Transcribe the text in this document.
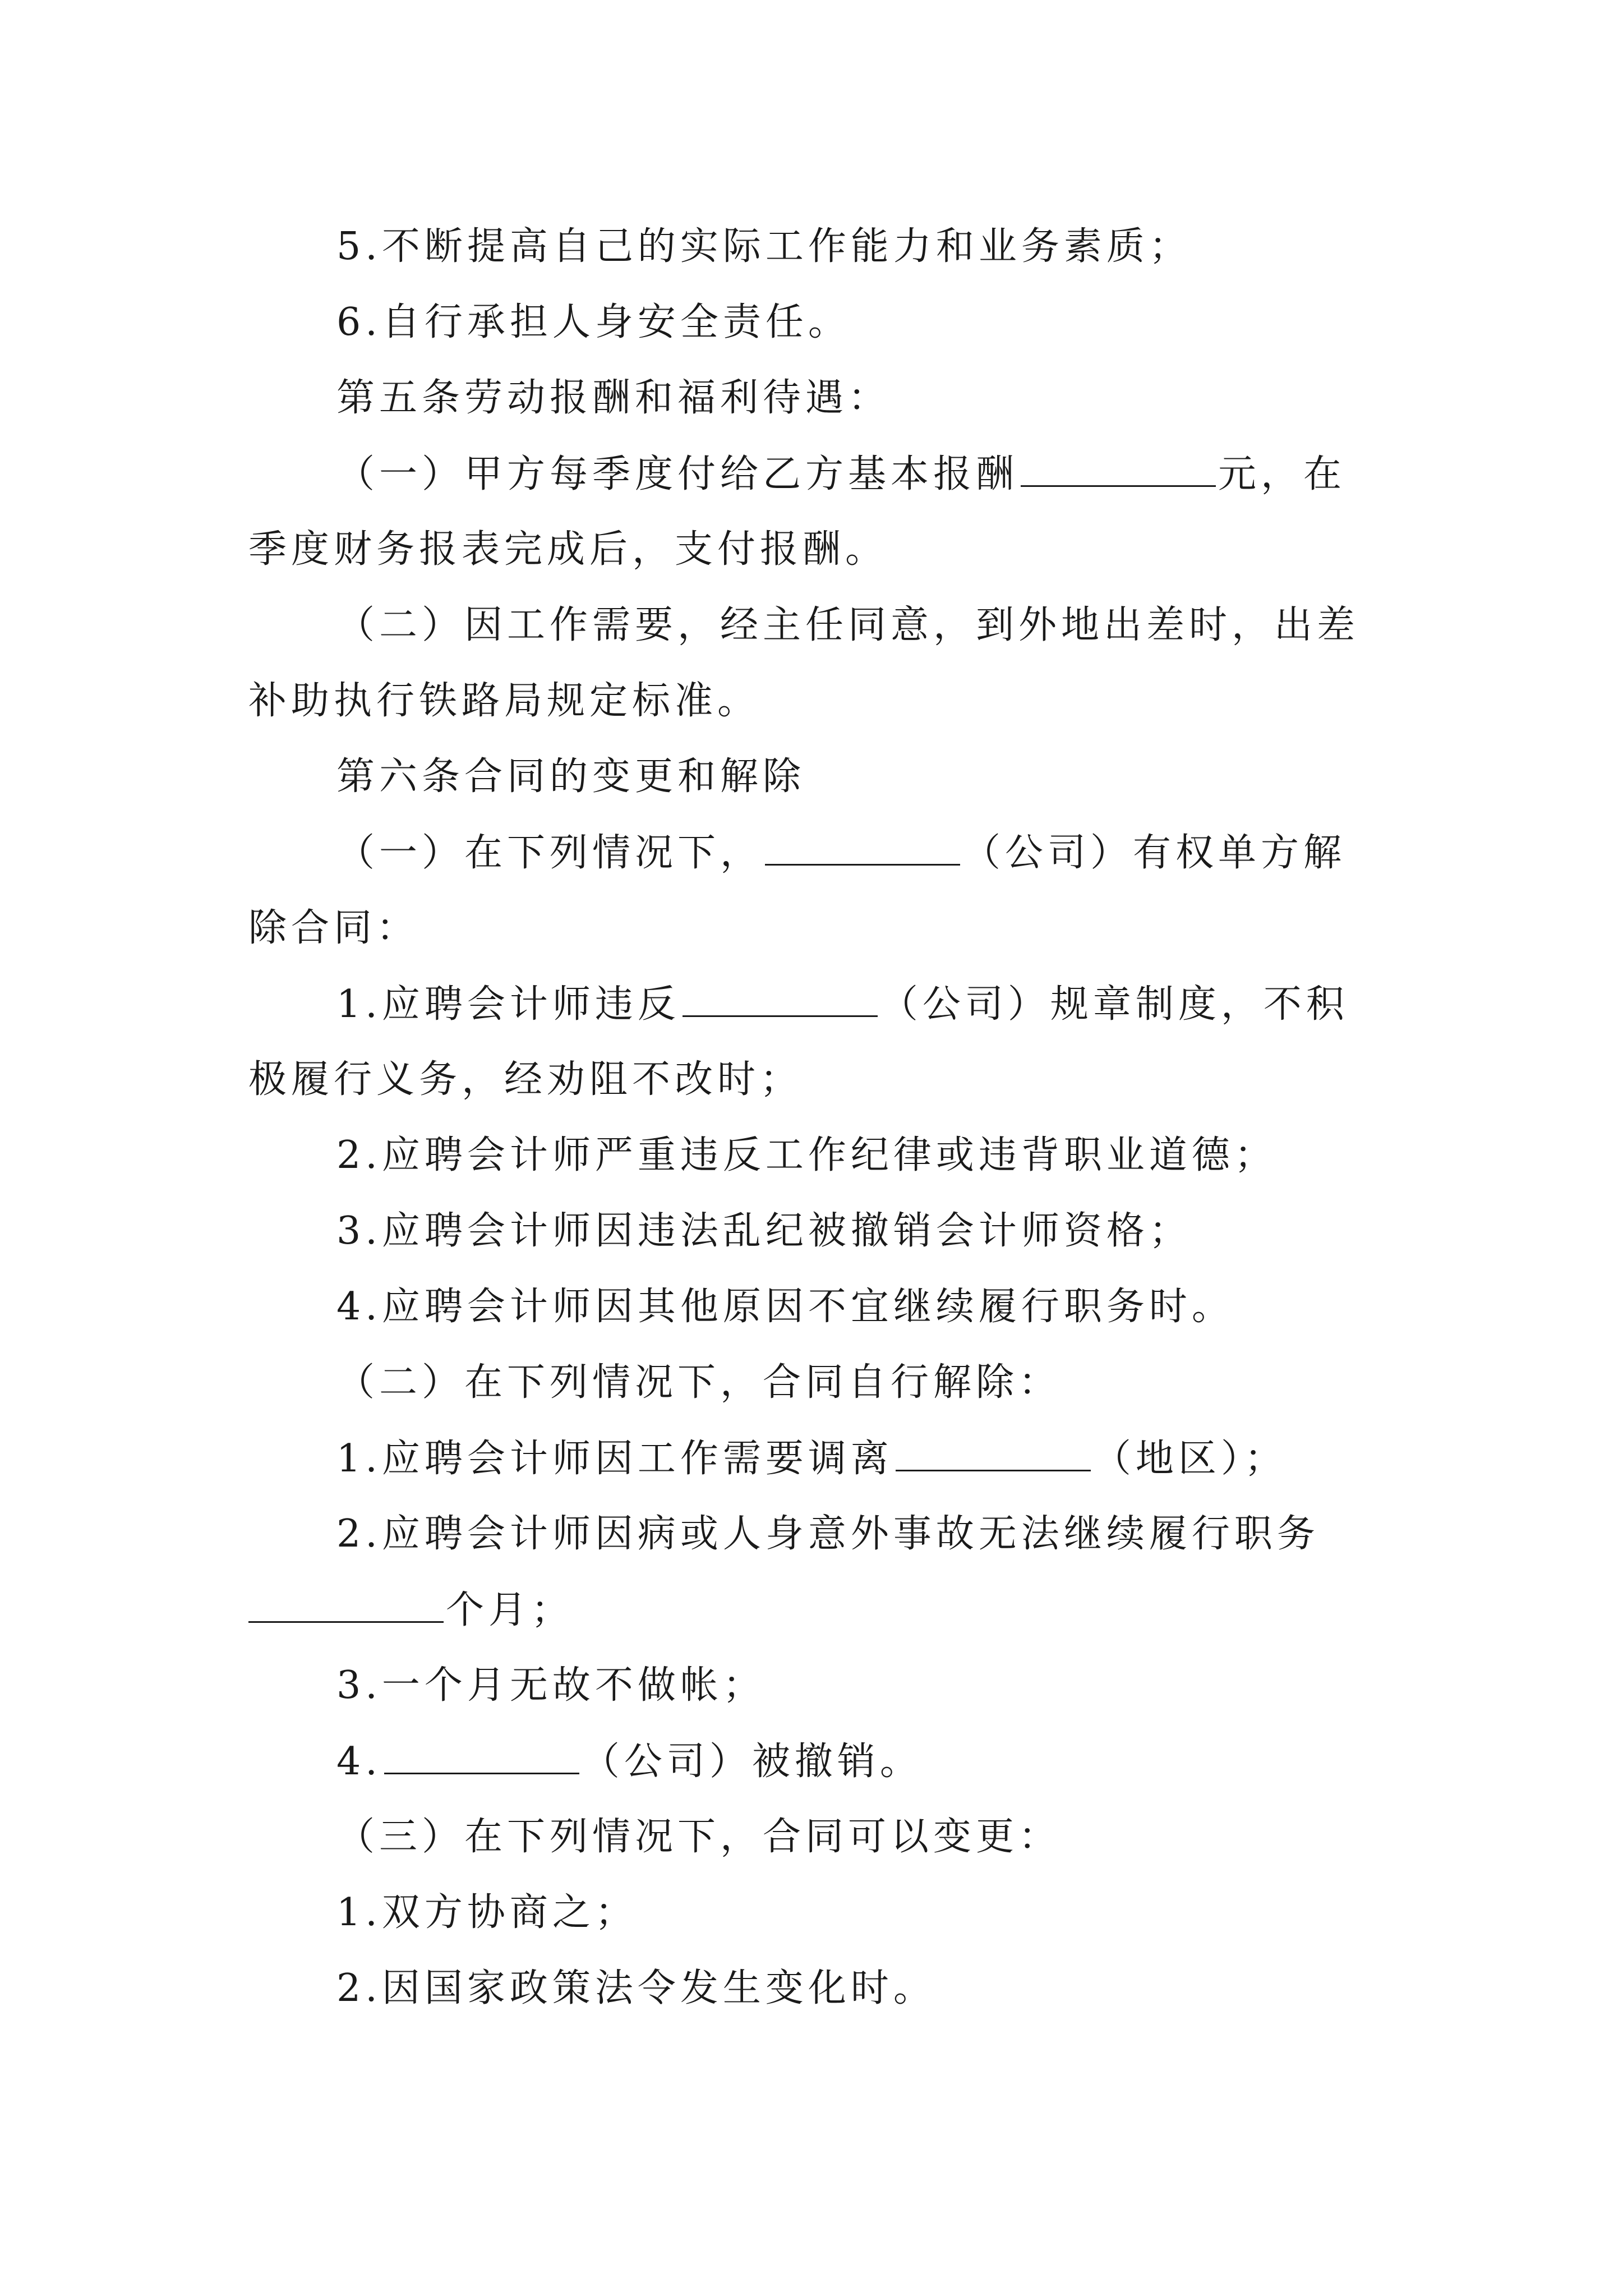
5.不断提高自己的实际工作能力和业务素质；
6.自行承担人身安全责任。
第五条劳动报酬和福利待遇：
（一）甲方每季度付给乙方基本报酬	元，在
季度财务报表完成后，支付报酬。
（二）因工作需要，经主任同意，到外地出差时，出差
补助执行铁路局规定标准。
第六条合同的变更和解除
（一）在下列情况下，	（公司）有权单方解
除合同：
1.应聘会计师违反	（公司）规章制度，不积
极履行义务，经劝阻不改时；
2.应聘会计师严重违反工作纪律或违背职业道德；
3.应聘会计师因违法乱纪被撤销会计师资格；
4.应聘会计师因其他原因不宜继续履行职务时。
（二）在下列情况下，合同自行解除：
1.应聘会计师因工作需要调离	（地区）；
2.应聘会计师因病或人身意外事故无法继续履行职务
个月；
3.一个月无故不做帐；
4.	（公司）被撤销。
（三）在下列情况下，合同可以变更：
1.双方协商之；
2.因国家政策法令发生变化时。
